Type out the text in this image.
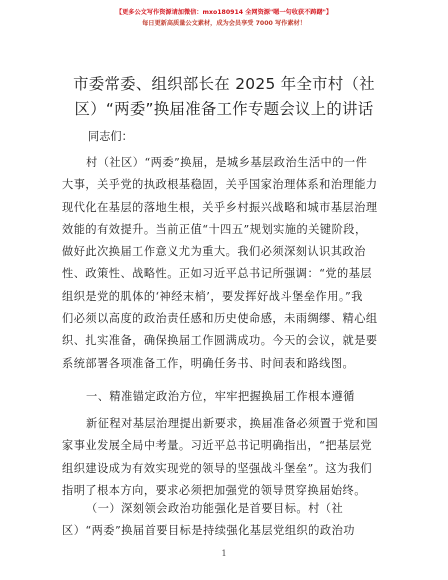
【更多公文写作资源请加微信：mxo180914 全网资源"嗯一句收获不踌躇"】
每日更新高质量公文素材，成为会员享受 7000 写作素材！
市委常委、组织部长在 2025 年全市村（社
区）“两委”换届准备工作专题会议上的讲话
同志们：
村（社区）“两委”换届，是城乡基层政治生活中的一件
大事，关乎党的执政根基稳固，关乎国家治理体系和治理能力
现代化在基层的落地生根，关乎乡村振兴战略和城市基层治理
效能的有效提升。当前正值“十四五”规划实施的关键阶段，
做好此次换届工作意义尤为重大。我们必须深刻认识其政治
性、政策性、战略性。正如习近平总书记所强调：“党的基层
组织是党的肌体的‘神经末梢’，要发挥好战斗堡垒作用。”我
们必须以高度的政治责任感和历史使命感，未雨绸缪、精心组
织、扎实准备，确保换届工作圆满成功。今天的会议，就是要
系统部署各项准备工作，明确任务书、时间表和路线图。
一、精准锚定政治方位，牢牢把握换届工作根本遵循
新征程对基层治理提出新要求，换届准备必须置于党和国
家事业发展全局中考量。习近平总书记明确指出，“把基层党
组织建设成为有效实现党的领导的坚强战斗堡垒”。这为我们
指明了根本方向，要求必须把加强党的领导贯穿换届始终。
（一）深刻领会政治功能强化是首要目标。村（社
区）“两委”换届首要目标是持续强化基层党组织的政治功
1
